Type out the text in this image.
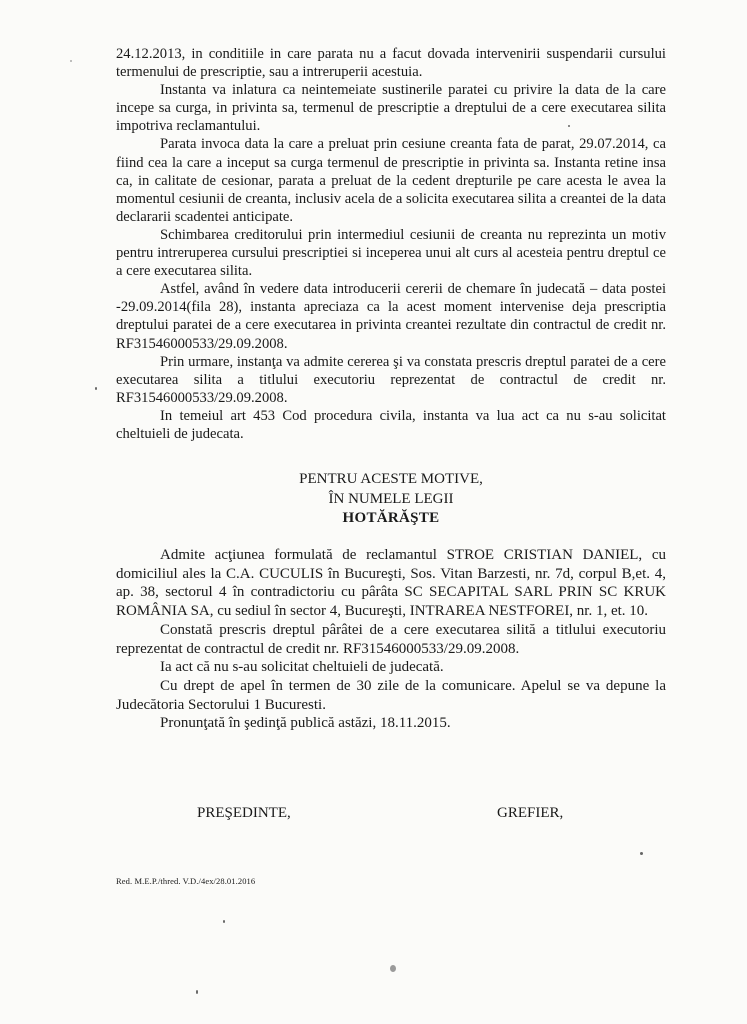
24.12.2013, in conditiile in care parata nu a facut dovada intervenirii suspendarii cursului termenului de prescriptie, sau a intreruperii acestuia.

Instanta va inlatura ca neintemeiate sustinerile paratei cu privire la data de la care incepe sa curga, in privinta sa, termenul de prescriptie a dreptului de a cere executarea silita impotriva reclamantului.

Parata invoca data la care a preluat prin cesiune creanta fata de parat, 29.07.2014, ca fiind cea la care a inceput sa curga termenul de prescriptie in privinta sa. Instanta retine insa ca, in calitate de cesionar, parata a preluat de la cedent drepturile pe care acesta le avea la momentul cesiunii de creanta, inclusiv acela de a solicita executarea silita a creantei de la data declararii scadentei anticipate.

Schimbarea creditorului prin intermediul cesiunii de creanta nu reprezinta un motiv pentru intreruperea cursului prescriptiei si inceperea unui alt curs al acesteia pentru dreptul ce a cere executarea silita.

Astfel, având în vedere data introducerii cererii de chemare în judecată – data postei -29.09.2014(fila 28), instanta apreciaza ca la acest moment intervenise deja prescriptia dreptului paratei de a cere executarea in privinta creantei rezultate din contractul de credit nr. RF31546000533/29.09.2008.

Prin urmare, instanţa va admite cererea şi va constata prescris dreptul paratei de a cere executarea silita a titlului executoriu reprezentat de contractul de credit nr. RF31546000533/29.09.2008.

In temeiul art 453 Cod procedura civila, instanta va lua act ca nu s-au solicitat cheltuieli de judecata.

PENTRU ACESTE MOTIVE,
ÎN NUMELE LEGII
HOTĂRĂŞTE

Admite acţiunea formulată de reclamantul STROE CRISTIAN DANIEL, cu domiciliul ales la C.A. CUCULIS în Bucureşti, Sos. Vitan Barzesti, nr. 7d, corpul B,et. 4, ap. 38, sectorul 4 în contradictoriu cu pârâta SC SECAPITAL SARL PRIN SC KRUK ROMÂNIA SA, cu sediul în sector 4, Bucureşti, INTRAREA NESTFOREI, nr. 1, et. 10.

Constată prescris dreptul pârâtei de a cere executarea silită a titlului executoriu reprezentat de contractul de credit nr. RF31546000533/29.09.2008.

Ia act că nu s-au solicitat cheltuieli de judecată.

Cu drept de apel în termen de 30 zile de la comunicare. Apelul se va depune la Judecătoria Sectorului 1 Bucuresti.

Pronunţată în şedinţă publică astăzi, 18.11.2015.

PREŞEDINTE,	GREFIER,
Red. M.E.P./thred. V.D./4ex/28.01.2016
